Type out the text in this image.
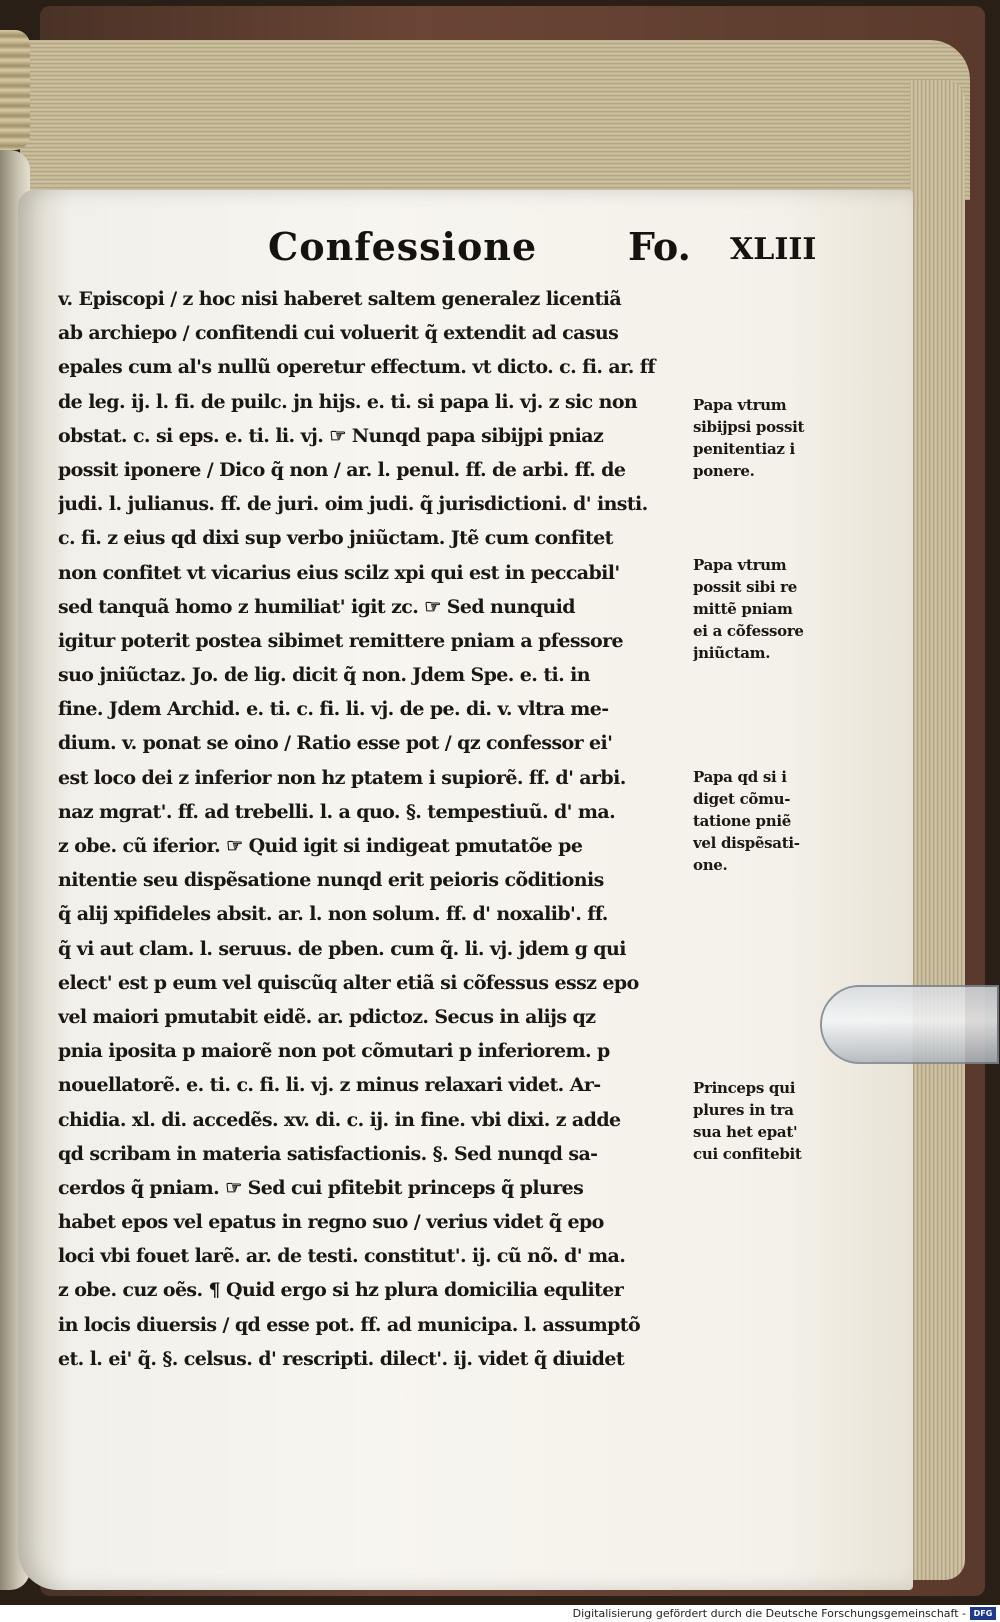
Confessione Fo. XLIII
v. Episcopi / z hoc nisi haberet saltem generalez licentiã
ab archiepo / confitendi cui voluerit q̃ extendit ad casus
epales cum al's nullũ operetur effectum. vt dicto. c. fi. ar. ff
de leg. ij. l. fi. de puilc. jn hijs. e. ti. si papa li. vj. z sic non
obstat. c. si eps. e. ti. li. vj. ☞ Nunqd papa sibijpi pniaz
possit iponere / Dico q̃ non / ar. l. penul. ff. de arbi. ff. de
judi. l. julianus. ff. de juri. oim judi. q̃ jurisdictioni. d' insti.
c. fi. z eius qd dixi sup verbo jniũctam. Jtẽ cum confitet
non confitet vt vicarius eius scilz xpi qui est in peccabil'
sed tanquã homo z humiliat' igit zc. ☞ Sed nunquid
igitur poterit postea sibimet remittere pniam a pfessore
suo jniũctaz. Jo. de lig. dicit q̃ non. Jdem Spe. e. ti. in
fine. Jdem Archid. e. ti. c. fi. li. vj. de pe. di. v. vltra me-
dium. v. ponat se oino / Ratio esse pot / qz confessor ei'
est loco dei z inferior non hz ptatem i supiorẽ. ff. d' arbi.
naz mgrat'. ff. ad trebelli. l. a quo. §. tempestiuũ. d' ma.
z obe. cũ iferior. ☞ Quid igit si indigeat pmutatõe pe
nitentie seu dispẽsatione nunqd erit peioris cõditionis
q̃ alij xpifideles absit. ar. l. non solum. ff. d' noxalib'. ff.
q̃ vi aut clam. l. seruus. de pben. cum q̃. li. vj. jdem g qui
elect' est p eum vel quiscũq alter etiã si cõfessus essz epo
vel maiori pmutabit eidẽ. ar. pdictoz. Secus in alijs qz
pnia iposita p maiorẽ non pot cõmutari p inferiorem. p
nouellatorẽ. e. ti. c. fi. li. vj. z minus relaxari videt. Ar-
chidia. xl. di. accedẽs. xv. di. c. ij. in fine. vbi dixi. z adde
qd scribam in materia satisfactionis. §. Sed nunqd sa-
cerdos q̃ pniam. ☞ Sed cui pfitebit princeps q̃ plures
habet epos vel epatus in regno suo / verius videt q̃ epo
loci vbi fouet larẽ. ar. de testi. constitut'. ij. cũ nõ. d' ma.
z obe. cuz oẽs. ¶ Quid ergo si hz plura domicilia equliter
in locis diuersis / qd esse pot. ff. ad municipa. l. assumptõ
et. l. ei' q̃. §. celsus. d' rescripti. dilect'. ij. videt q̃ diuidet
Papa vtrum
sibijpsi possit
penitentiaz i
ponere.
Papa vtrum
possit sibi re
mittẽ pniam
ei a cõfessore
jniũctam.
Papa qd si i
diget cõmu-
tatione pniẽ
vel dispẽsati-
one.
Princeps qui
plures in tra
sua het epat'
cui confitebit
Digitalisierung gefördert durch die Deutsche Forschungsgemeinschaft - DFG
